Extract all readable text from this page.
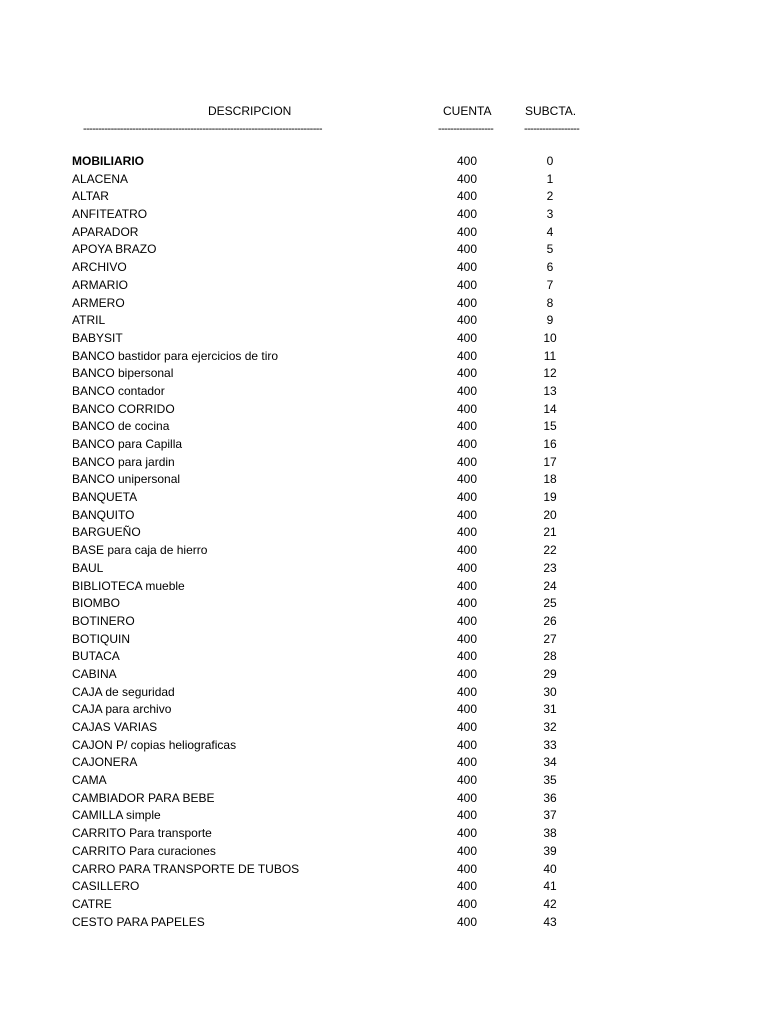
DESCRIPCION	CUENTA	SUBCTA.
------------------------------------------------------------------------------	------------------	------------------
MOBILIARIO	400	0
ALACENA	400	1
ALTAR	400	2
ANFITEATRO	400	3
APARADOR	400	4
APOYA BRAZO	400	5
ARCHIVO	400	6
ARMARIO	400	7
ARMERO	400	8
ATRIL	400	9
BABYSIT	400	10
BANCO bastidor para ejercicios de tiro	400	11
BANCO bipersonal	400	12
BANCO contador	400	13
BANCO CORRIDO	400	14
BANCO de cocina	400	15
BANCO para Capilla	400	16
BANCO para jardin	400	17
BANCO unipersonal	400	18
BANQUETA	400	19
BANQUITO	400	20
BARGUEÑO	400	21
BASE para caja de hierro	400	22
BAUL	400	23
BIBLIOTECA mueble	400	24
BIOMBO	400	25
BOTINERO	400	26
BOTIQUIN	400	27
BUTACA	400	28
CABINA	400	29
CAJA de seguridad	400	30
CAJA para archivo	400	31
CAJAS VARIAS	400	32
CAJON P/ copias heliograficas	400	33
CAJONERA	400	34
CAMA	400	35
CAMBIADOR PARA BEBE	400	36
CAMILLA simple	400	37
CARRITO Para transporte	400	38
CARRITO Para curaciones	400	39
CARRO PARA TRANSPORTE DE TUBOS	400	40
CASILLERO	400	41
CATRE	400	42
CESTO PARA PAPELES	400	43
